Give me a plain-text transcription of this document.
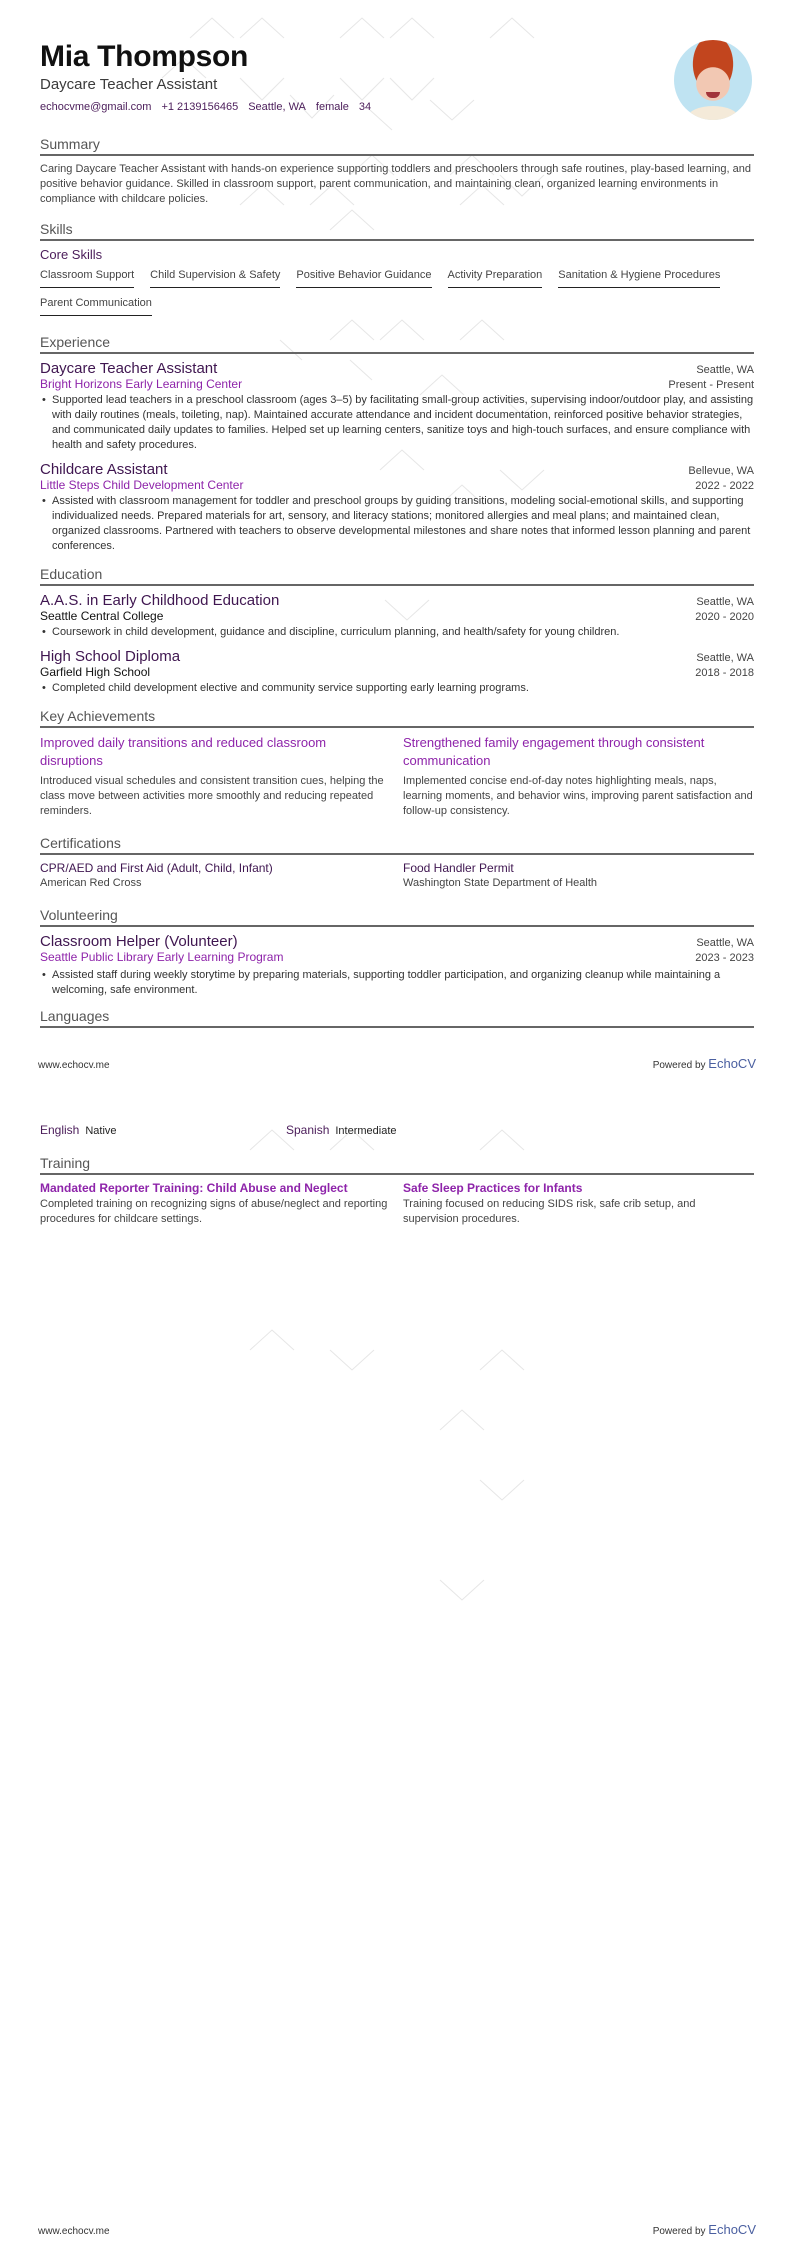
Mia Thompson
Daycare Teacher Assistant
echocvme@gmail.com +1 2139156465 Seattle, WA female 34
Summary

Caring Daycare Teacher Assistant with hands-on experience supporting toddlers and preschoolers through safe routines, play-based learning, and positive behavior guidance. Skilled in classroom support, parent communication, and maintaining clean, organized learning environments in compliance with childcare policies.

Skills
Core Skills
Classroom Support Child Supervision & Safety Positive Behavior Guidance Activity Preparation Sanitation & Hygiene Procedures
Parent Communication
Experience
Daycare Teacher Assistant	Seattle, WA
Bright Horizons Early Learning Center	Present - Present
• Supported lead teachers in a preschool classroom (ages 3–5) by facilitating small-group activities, supervising indoor/outdoor play, and assisting with daily routines (meals, toileting, nap). Maintained accurate attendance and incident documentation, reinforced positive behavior strategies, and communicated daily updates to families. Helped set up learning centers, sanitize toys and high-touch surfaces, and ensure compliance with health and safety procedures.
Childcare Assistant	Bellevue, WA
Little Steps Child Development Center	2022 - 2022
• Assisted with classroom management for toddler and preschool groups by guiding transitions, modeling social-emotional skills, and supporting individualized needs. Prepared materials for art, sensory, and literacy stations; monitored allergies and meal plans; and maintained clean, organized classrooms. Partnered with teachers to observe developmental milestones and share notes that informed lesson planning and parent conferences.
Education
A.A.S. in Early Childhood Education	Seattle, WA
Seattle Central College	2020 - 2020
• Coursework in child development, guidance and discipline, curriculum planning, and health/safety for young children.
High School Diploma	Seattle, WA
Garfield High School	2018 - 2018
• Completed child development elective and community service supporting early learning programs.
Key Achievements
Improved daily transitions and reduced classroom disruptions
Introduced visual schedules and consistent transition cues, helping the class move between activities more smoothly and reducing repeated reminders.
Strengthened family engagement through consistent communication
Implemented concise end-of-day notes highlighting meals, naps, learning moments, and behavior wins, improving parent satisfaction and follow-up consistency.
Certifications
CPR/AED and First Aid (Adult, Child, Infant)
American Red Cross
Food Handler Permit
Washington State Department of Health
Volunteering
Classroom Helper (Volunteer)	Seattle, WA
Seattle Public Library Early Learning Program	2023 - 2023
• Assisted staff during weekly storytime by preparing materials, supporting toddler participation, and organizing cleanup while maintaining a welcoming, safe environment.
Languages
www.echocv.me	Powered by EchoCV
English Native	Spanish Intermediate
Training
Mandated Reporter Training: Child Abuse and Neglect
Completed training on recognizing signs of abuse/neglect and reporting procedures for childcare settings.
Safe Sleep Practices for Infants
Training focused on reducing SIDS risk, safe crib setup, and supervision procedures.
www.echocv.me	Powered by EchoCV
